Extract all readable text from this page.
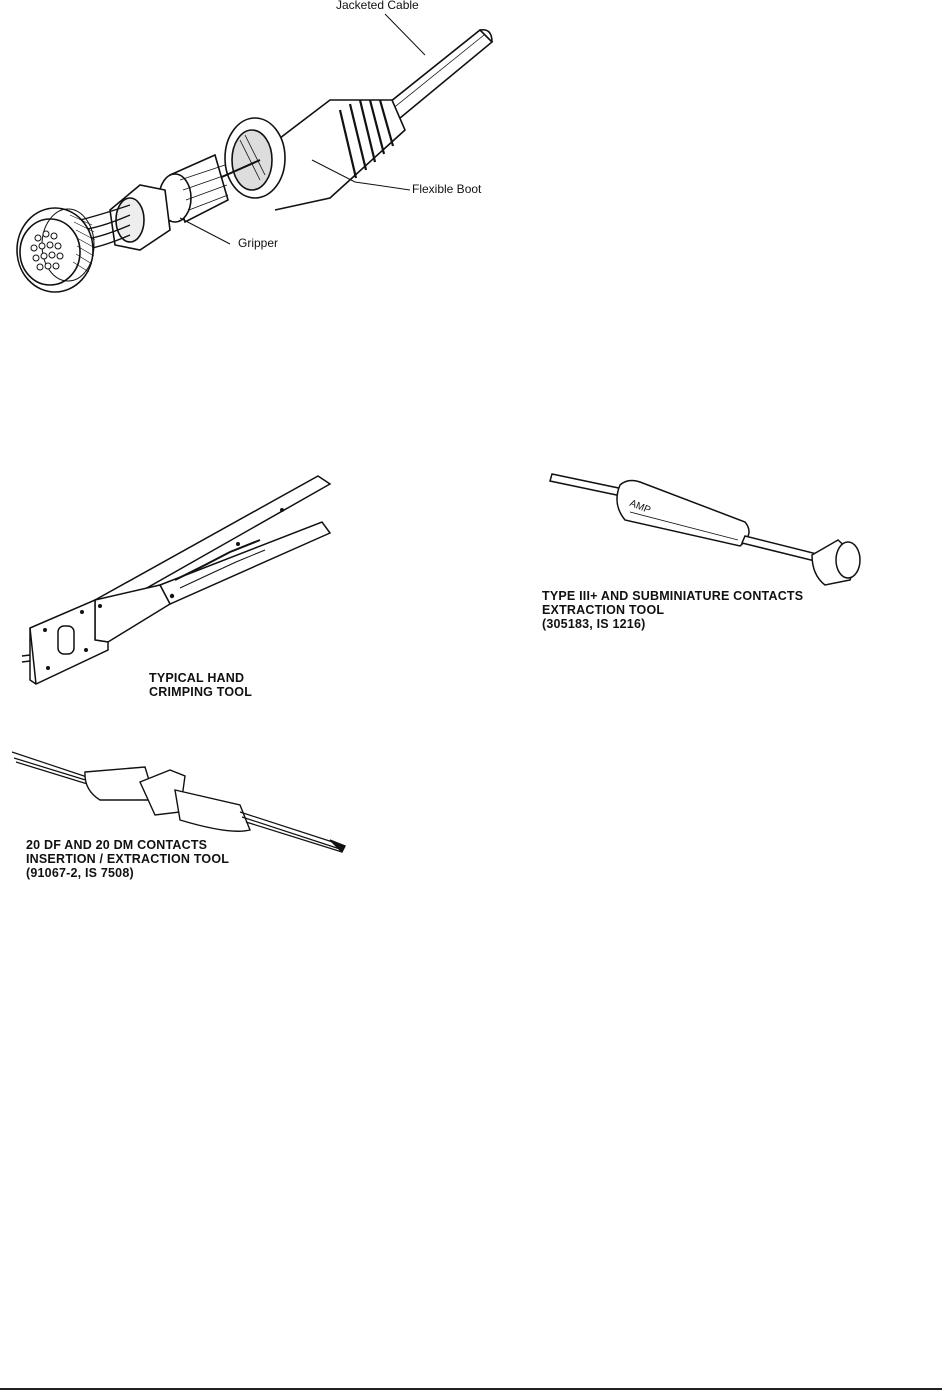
Jacketed Cable
Flexible Boot
Gripper
AMP
TYPICAL HAND
CRIMPING TOOL
TYPE III+ AND SUBMINIATURE CONTACTS
EXTRACTION TOOL
(305183, IS 1216)
20 DF AND 20 DM CONTACTS
INSERTION / EXTRACTION TOOL
(91067-2, IS 7508)
